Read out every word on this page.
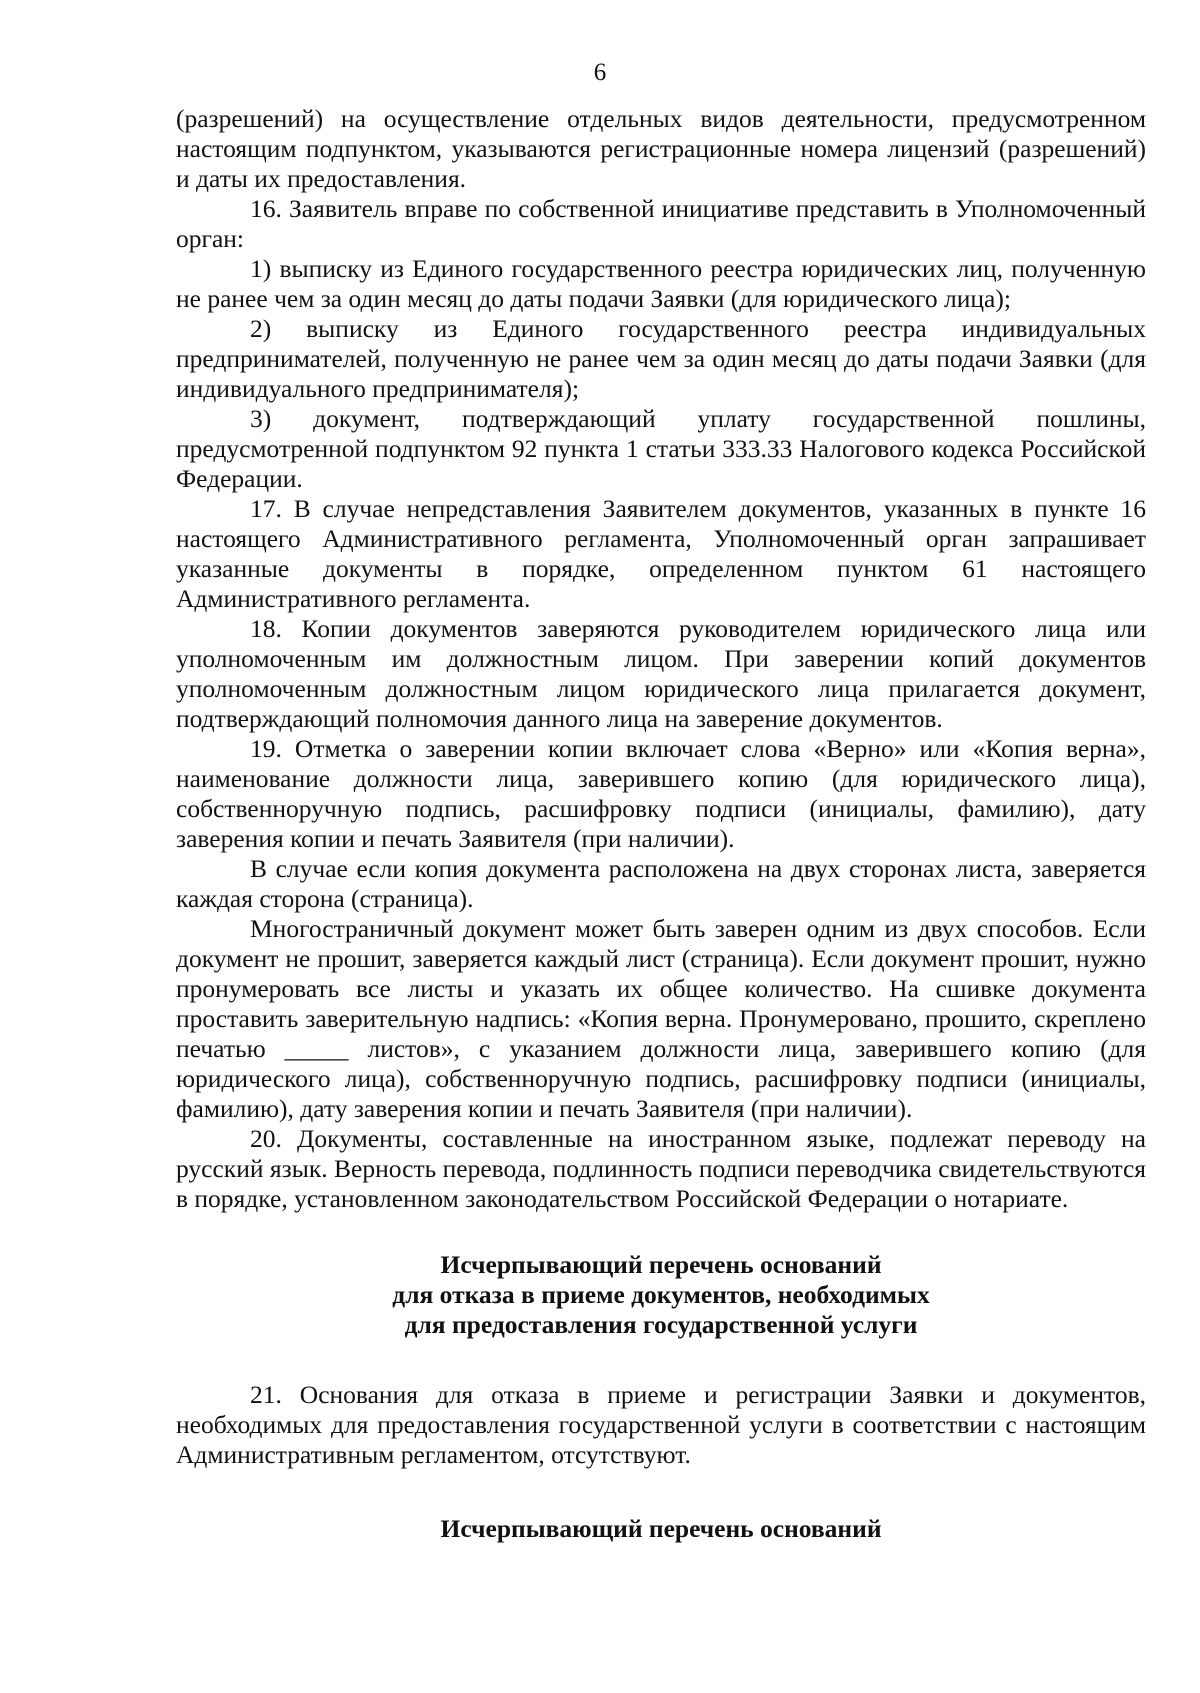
6

(разрешений) на осуществление отдельных видов деятельности, предусмотренном настоящим подпунктом, указываются регистрационные номера лицензий (разрешений) и даты их предоставления.

16. Заявитель вправе по собственной инициативе представить в Уполномоченный орган:

1) выписку из Единого государственного реестра юридических лиц, полученную не ранее чем за один месяц до даты подачи Заявки (для юридического лица);

2) выписку из Единого государственного реестра индивидуальных предпринимателей, полученную не ранее чем за один месяц до даты подачи Заявки (для индивидуального предпринимателя);

3) документ, подтверждающий уплату государственной пошлины, предусмотренной подпунктом 92 пункта 1 статьи 333.33 Налогового кодекса Российской Федерации.

17. В случае непредставления Заявителем документов, указанных в пункте 16 настоящего Административного регламента, Уполномоченный орган запрашивает указанные документы в порядке, определенном пунктом 61 настоящего Административного регламента.

18. Копии документов заверяются руководителем юридического лица или уполномоченным им должностным лицом. При заверении копий документов уполномоченным должностным лицом юридического лица прилагается документ, подтверждающий полномочия данного лица на заверение документов.

19. Отметка о заверении копии включает слова «Верно» или «Копия верна», наименование должности лица, заверившего копию (для юридического лица), собственноручную подпись, расшифровку подписи (инициалы, фамилию), дату заверения копии и печать Заявителя (при наличии).

В случае если копия документа расположена на двух сторонах листа, заверяется каждая сторона (страница).

Многостраничный документ может быть заверен одним из двух способов. Если документ не прошит, заверяется каждый лист (страница). Если документ прошит, нужно пронумеровать все листы и указать их общее количество. На сшивке документа проставить заверительную надпись: «Копия верна. Пронумеровано, прошито, скреплено печатью _____ листов», с указанием должности лица, заверившего копию (для юридического лица), собственноручную подпись, расшифровку подписи (инициалы, фамилию), дату заверения копии и печать Заявителя (при наличии).

20. Документы, составленные на иностранном языке, подлежат переводу на русский язык. Верность перевода, подлинность подписи переводчика свидетельствуются в порядке, установленном законодательством Российской Федерации о нотариате.

Исчерпывающий перечень оснований

для отказа в приеме документов, необходимых

для предоставления государственной услуги

21. Основания для отказа в приеме и регистрации Заявки и документов, необходимых для предоставления государственной услуги в соответствии с настоящим Административным регламентом, отсутствуют.

Исчерпывающий перечень оснований
